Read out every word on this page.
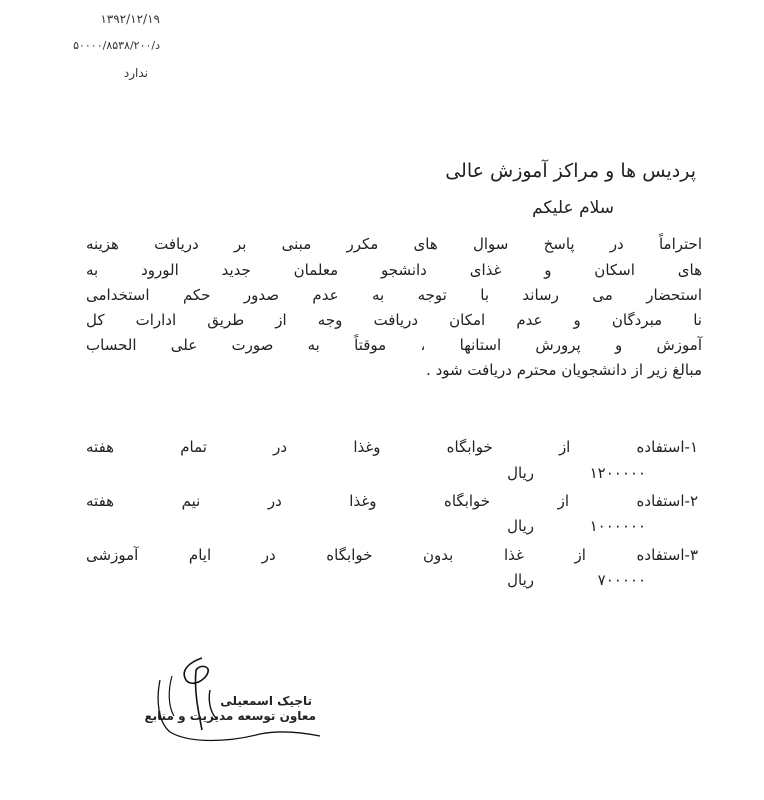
۱۳۹۲/۱۲/۱۹
د/۵۰۰۰۰/۸۵۳۸/۲۰۰
ندارد
پردیس ها و مراکز آموزش عالی
سلام علیکم
احتراماً در پاسخ سوال های مکرر مبنی بر دریافت هزینه
های اسکان و غذای دانشجو معلمان جدید الورود به
استحضار می رساند با توجه به عدم صدور حکم استخدامی
نا مبردگان و عدم امکان دریافت وجه از طریق ادارات کل
آموزش و پرورش استانها ، موقتاً به صورت علی الحساب
مبالغ زیر از دانشجویان محترم دریافت شود .
۱-استفاده از خوابگاه وغذا در تمام هفته
۱۲۰۰۰۰۰
ریال
۲-استفاده از خوابگاه وغذا در نیم هفته
۱۰۰۰۰۰۰
ریال
۳-استفاده از غذا بدون خوابگاه در ایام آموزشی
۷۰۰۰۰۰
ریال
تاجیک اسمعیلی
معاون توسعه مدیریت و منابع
